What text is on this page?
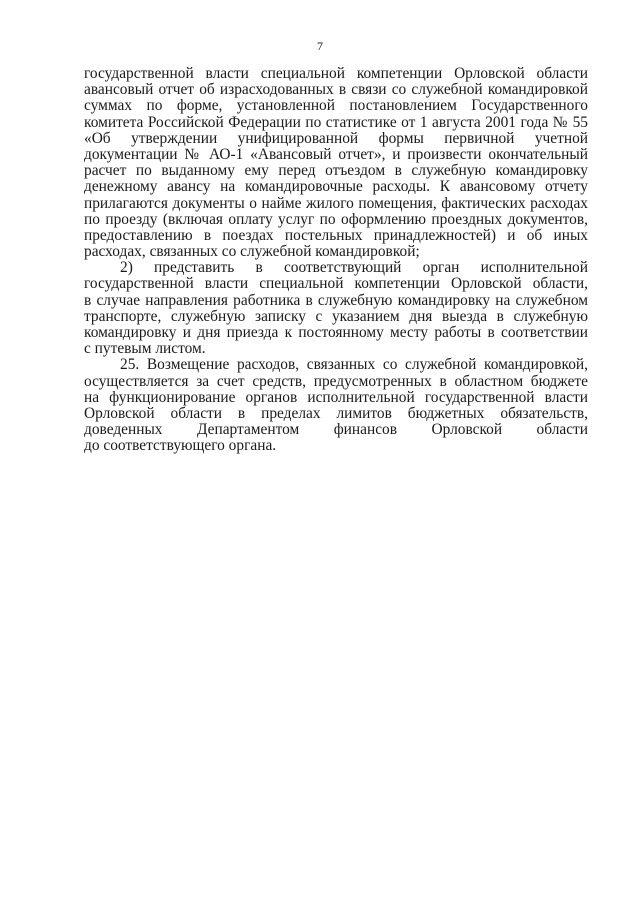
7
государственной власти специальной компетенции Орловской области
авансовый отчет об израсходованных в связи со служебной командировкой
суммах по форме, установленной постановлением Государственного
комитета Российской Федерации по статистике от 1 августа 2001 года № 55
«Об утверждении унифицированной формы первичной учетной
документации № АО-1 «Авансовый отчет», и произвести окончательный
расчет по выданному ему перед отъездом в служебную командировку
денежному авансу на командировочные расходы. К авансовому отчету
прилагаются документы о найме жилого помещения, фактических расходах
по проезду (включая оплату услуг по оформлению проездных документов,
предоставлению в поездах постельных принадлежностей) и об иных
расходах, связанных со служебной командировкой;
2) представить в соответствующий орган исполнительной
государственной власти специальной компетенции Орловской области,
в случае направления работника в служебную командировку на служебном
транспорте, служебную записку с указанием дня выезда в служебную
командировку и дня приезда к постоянному месту работы в соответствии
с путевым листом.
25. Возмещение расходов, связанных со служебной командировкой,
осуществляется за счет средств, предусмотренных в областном бюджете
на функционирование органов исполнительной государственной власти
Орловской области в пределах лимитов бюджетных обязательств,
доведенных Департаментом финансов Орловской области
до соответствующего органа.
